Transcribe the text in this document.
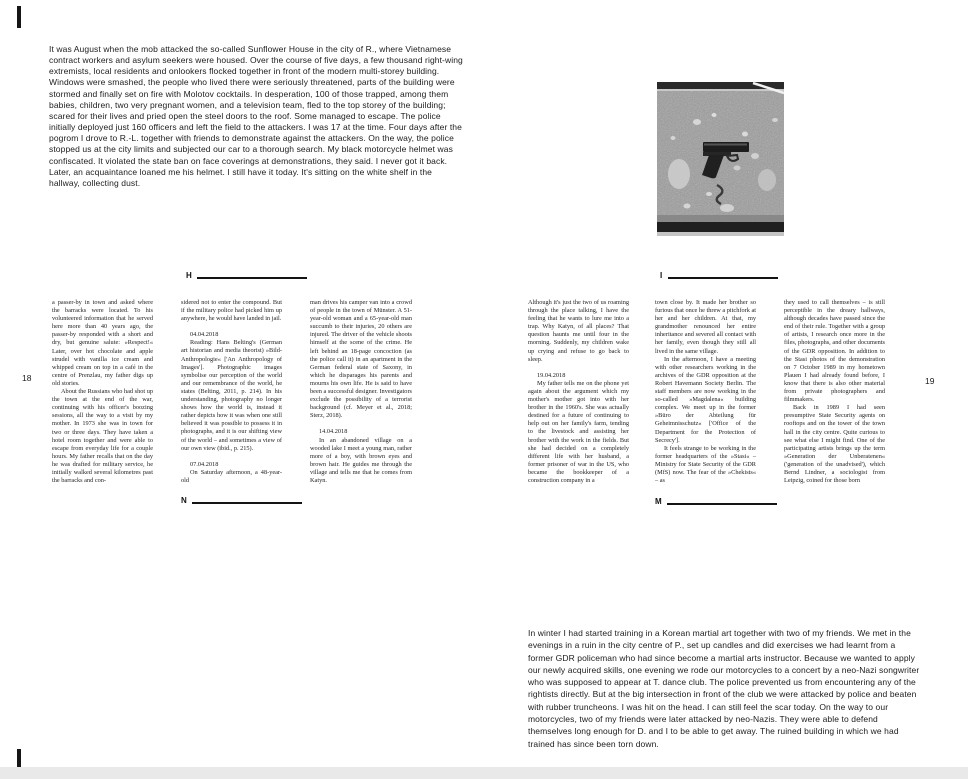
It was August when the mob attacked the so-called Sunflower House in the city of R., where Vietnamese contract workers and asylum seekers were housed. Over the course of five days, a few thousand right-wing extremists, local residents and onlookers flocked together in front of the modern multi-storey building. Windows were smashed, the people who lived there were seriously threatened, parts of the building were stormed and finally set on fire with Molotov cocktails. In desperation, 100 of those trapped, among them babies, children, two very pregnant women, and a television team, fled to the top storey of the building; scared for their lives and pried open the steel doors to the roof. Some managed to escape. The police initially deployed just 160 officers and left the field to the attackers. I was 17 at the time. Four days after the pogrom I drove to R.-L. together with friends to demonstrate against the attackers. On the way, the police stopped us at the city limits and subjected our car to a thorough search. My black motorcycle helmet was confiscated. It violated the state ban on face coverings at demonstrations, they said. I never got it back. Later, an acquaintance loaned me his helmet. I still have it today. It's sitting on the white shelf in the hallway, collecting dust.
H	I
18	19
a passer-by in town and asked where the barracks were located. To his volunteered information that he served here more than 40 years ago, the passer-by responded with a short and dry, but genuine salute: »Respect!« Later, over hot chocolate and apple strudel with vanilla ice cream and whipped cream on top in a café in the centre of Prenzlau, my father digs up old stories.
About the Russians who had shot up the town at the end of the war, continuing with his officer's boozing sessions, all the way to a visit by my mother. In 1973 she was in town for two or three days. They have taken a hotel room together and were able to escape from everyday life for a couple hours. My father recalls that on the day he was drafted for military service, he initially walked several kilometres past the barracks and con-
sidered not to enter the compound. But if the military police had picked him up anywhere, he would have landed in jail.
04.04.2018
Reading: Hans Belting's (German art historian and media theorist) »Bild-Anthropologie« ['An Anthropology of Images']. Photographic images symbolise our perception of the world and our remembrance of the world, he states (Belting, 2011, p. 214). In his understanding, photography no longer shows how the world is, instead it rather depicts how it was when one still believed it was possible to possess it in photographs, and it is our shifting view of the world – and sometimes a view of our own view (ibid., p. 215).
07.04.2018
On Saturday afternoon, a 48-year-old
man drives his camper van into a crowd of people in the town of Münster. A 51-year-old woman and a 65-year-old man succumb to their injuries, 20 others are injured. The driver of the vehicle shoots himself at the scene of the crime. He left behind an 18-page concoction (as the police call it) in an apartment in the German federal state of Saxony, in which he disparages his parents and mourns his own life. He is said to have been a successful designer. Investigators exclude the possibility of a terrorist background (cf. Meyer et al., 2018; Sterz, 2018).
14.04.2018
In an abandoned village on a wooded lake I meet a young man, rather more of a boy, with brown eyes and brown hair. He guides me through the village and tells me that he comes from Katyn.
Although it's just the two of us roaming through the place talking, I have the feeling that he wants to lure me into a trap. Why Katyn, of all places? That question haunts me until four in the morning. Suddenly, my children wake up crying and refuse to go back to sleep.
19.04.2018
My father tells me on the phone yet again about the argument which my mother's mother got into with her brother in the 1960's. She was actually destined for a future of continuing to help out on her family's farm, tending to the livestock and assisting her brother with the work in the fields. But she had decided on a completely different life with her husband, a former prisoner of war in the US, who became the bookkeeper of a construction company in a
town close by. It made her brother so furious that once he threw a pitchfork at her and her children. At that, my grandmother renounced her entire inheritance and severed all contact with her family, even though they still all lived in the same village.
In the afternoon, I have a meeting with other researchers working in the archives of the GDR opposition at the Robert Havemann Society Berlin. The staff members are now working in the so-called »Magdalena« building complex. We meet up in the former »Büro der Abteilung für Geheimnisschutz« ['Office of the Department for the Protection of Secrecy'].
It feels strange to be working in the former headquarters of the »Stasi« – Ministry for State Security of the GDR (MfS) now. The fear of the »Chekists« – as
they used to call themselves – is still perceptible in the dreary hallways, although decades have passed since the end of their rule. Together with a group of artists, I research once more in the files, photographs, and other documents of the GDR opposition. In addition to the Stasi photos of the demonstration on 7 October 1989 in my hometown Plauen I had already found before, I know that there is also other material from private photographers and filmmakers.
Back in 1989 I had seen presumptive State Security agents on rooftops and on the tower of the town hall in the city centre. Quite curious to see what else I might find. One of the participating artists brings up the term »Generation der Unberatenen« ('generation of the unadvised'), which Bernd Lindner, a sociologist from Leipzig, coined for those born
N	M
In winter I had started training in a Korean martial art together with two of my friends. We met in the evenings in a ruin in the city centre of P., set up candles and did exercises we had learnt from a former GDR policeman who had since become a martial arts instructor. Because we wanted to apply our newly acquired skills, one evening we rode our motorcycles to a concert by a neo-Nazi songwriter who was supposed to appear at T. dance club. The police prevented us from encountering any of the rightists directly. But at the big intersection in front of the club we were attacked by police and beaten with rubber truncheons. I was hit on the head. I can still feel the scar today. On the way to our motorcycles, two of my friends were later attacked by neo-Nazis. They were able to defend themselves long enough for D. and I to be able to get away. The ruined building in which we had trained has since been torn down.
